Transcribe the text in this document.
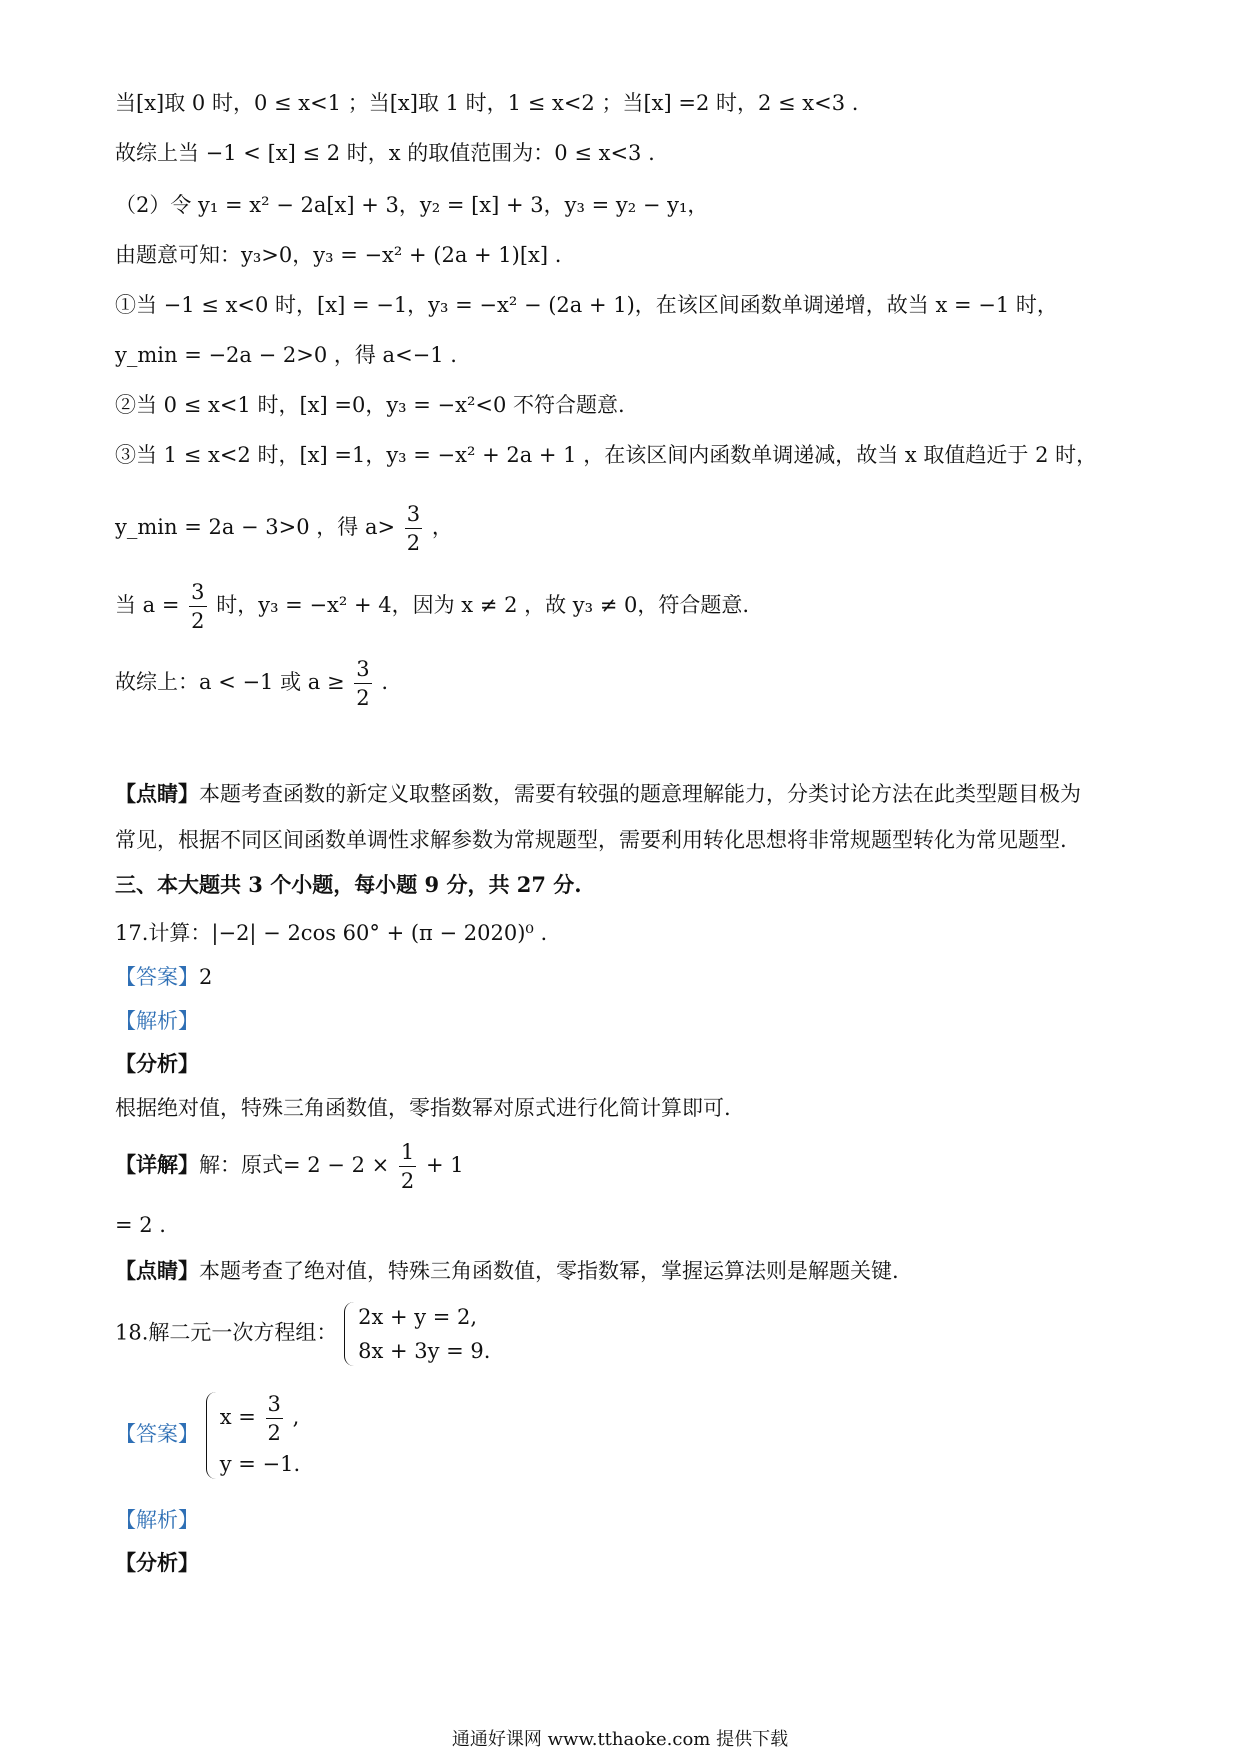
当[x]取 0 时，0 ≤ x<1 ；当[x]取 1 时，1 ≤ x<2 ；当[x] =2 时，2 ≤ x<3 .
故综上当 −1 < [x] ≤ 2 时，x 的取值范围为：0 ≤ x<3 .
（2）令 y₁ = x² − 2a[x] + 3，y₂ = [x] + 3，y₃ = y₂ − y₁，
由题意可知：y₃>0，y₃ = −x² + (2a + 1)[x] .
①当 −1 ≤ x<0 时，[x] = −1，y₃ = −x² − (2a + 1)，在该区间函数单调递增，故当 x = −1 时，
y_min = −2a − 2>0 ，得 a<−1 .
②当 0 ≤ x<1 时，[x] =0，y₃ = −x²<0 不符合题意.
③当 1 ≤ x<2 时，[x] =1，y₃ = −x² + 2a + 1 ，在该区间内函数单调递减，故当 x 取值趋近于 2 时，
y_min = 2a − 3>0 ，得 $a> \frac{3}{2}$ ，
当 $a = \frac{3}{2}$ 时，y₃ = −x² + 4，因为 x ≠ 2 ，故 y₃ ≠ 0，符合题意.
故综上：a < −1 或 $a \ge \frac{3}{2}$ .
【点睛】本题考查函数的新定义取整函数，需要有较强的题意理解能力，分类讨论方法在此类型题目极为
常见，根据不同区间函数单调性求解参数为常规题型，需要利用转化思想将非常规题型转化为常见题型.
三、本大题共 3 个小题，每小题 9 分，共 27 分.
17.计算：|−2| − 2cos 60° + (π − 2020)⁰ .
【答案】2
【解析】
【分析】
根据绝对值，特殊三角函数值，零指数幂对原式进行化简计算即可.
【详解】解：原式= $2 - 2 \times \frac{1}{2} + 1$
= 2 .
【点睛】本题考查了绝对值，特殊三角函数值，零指数幂，掌握运算法则是解题关键.
18.解二元一次方程组：
2x + y = 2,
8x + 3y = 9.
【答案】
$x = \frac{3}{2}$ ,
y = −1.
【解析】
【分析】
通通好课网 www.tthaoke.com 提供下载
